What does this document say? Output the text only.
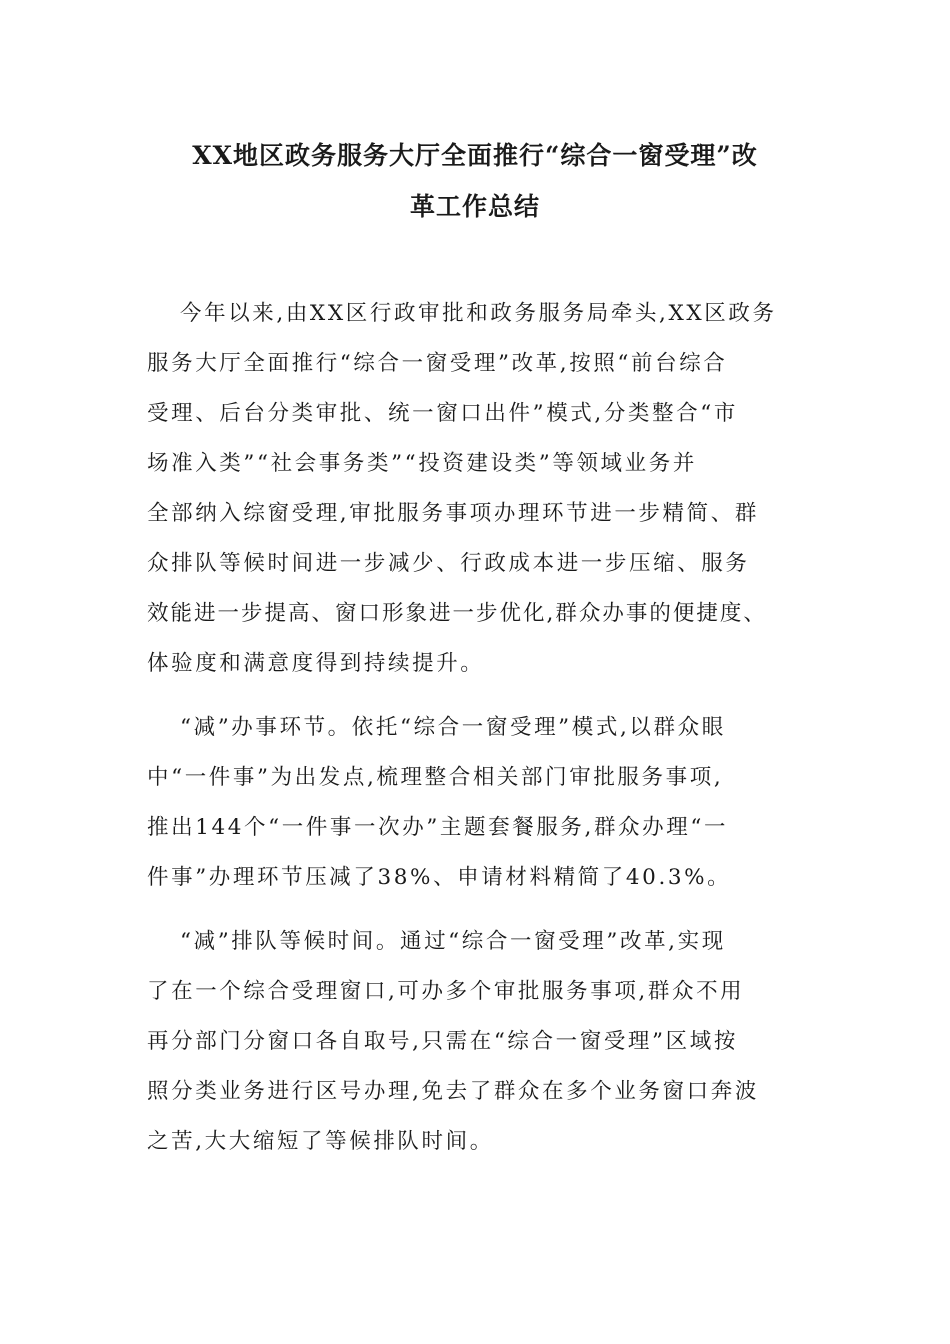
XX地区政务服务大厅全面推行“综合一窗受理”改
革工作总结

今年以来,由XX区行政审批和政务服务局牵头,XX区政务

服务大厅全面推行“综合一窗受理”改革,按照“前台综合

受理、后台分类审批、统一窗口出件”模式,分类整合“市

场准入类”“社会事务类”“投资建设类”等领域业务并

全部纳入综窗受理,审批服务事项办理环节进一步精简、群

众排队等候时间进一步减少、行政成本进一步压缩、服务

效能进一步提高、窗口形象进一步优化,群众办事的便捷度、

体验度和满意度得到持续提升。

“减”办事环节。依托“综合一窗受理”模式,以群众眼

中“一件事”为出发点,梳理整合相关部门审批服务事项,

推出144个“一件事一次办”主题套餐服务,群众办理“一

件事”办理环节压减了38%、申请材料精简了40.3%。

“减”排队等候时间。通过“综合一窗受理”改革,实现

了在一个综合受理窗口,可办多个审批服务事项,群众不用

再分部门分窗口各自取号,只需在“综合一窗受理”区域按

照分类业务进行区号办理,免去了群众在多个业务窗口奔波

之苦,大大缩短了等候排队时间。
